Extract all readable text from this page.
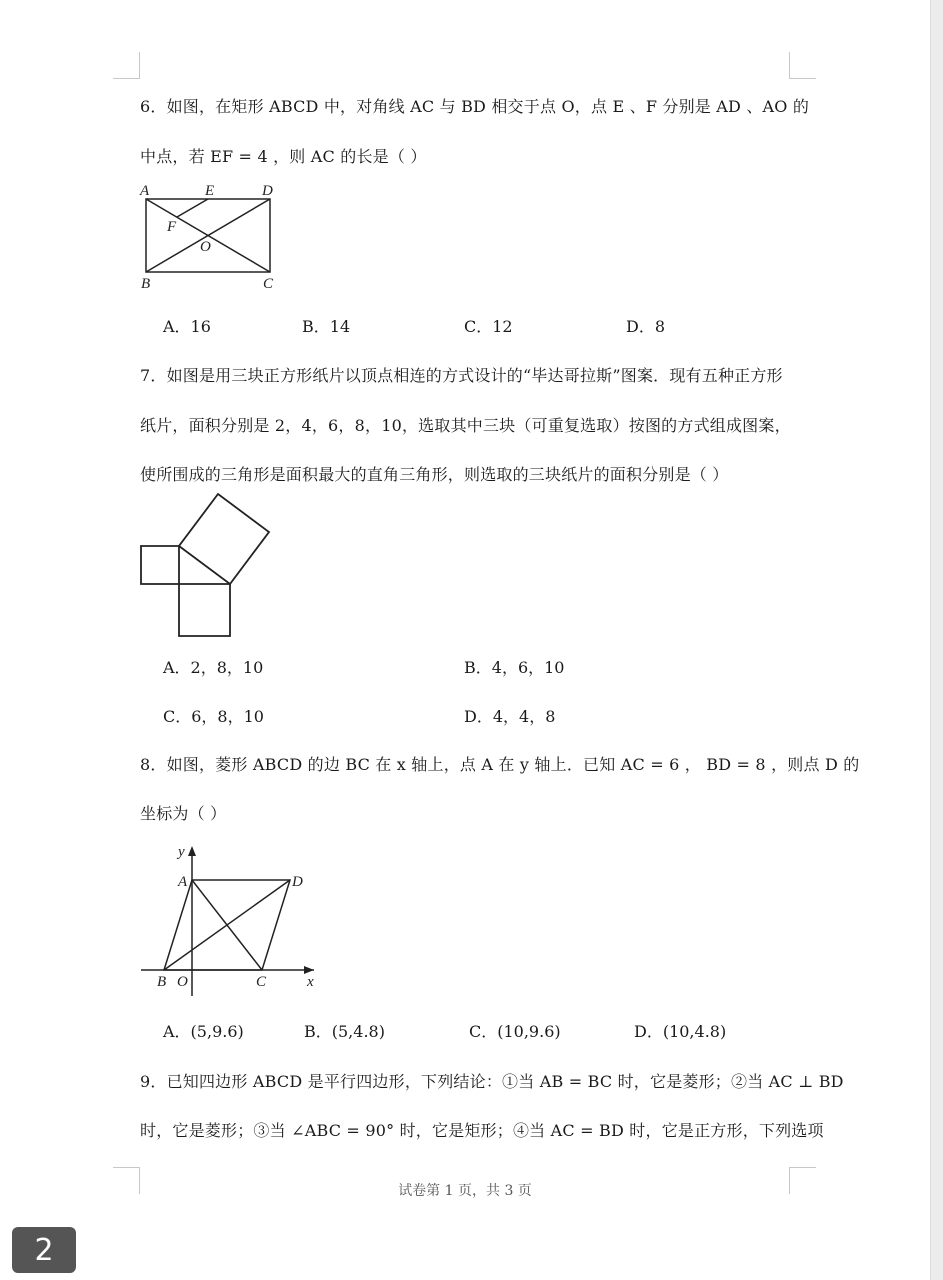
6．如图，在矩形 ABCD 中，对角线 AC 与 BD 相交于点 O，点 E 、F 分别是 AD 、AO 的
中点，若 EF = 4 ，则 AC 的长是（ ）
A	E	D
F
O
B	C
A．16	B．14	C．12	D．8
7．如图是用三块正方形纸片以顶点相连的方式设计的“毕达哥拉斯”图案．现有五种正方形
纸片，面积分别是 2，4，6，8，10，选取其中三块（可重复选取）按图的方式组成图案，
使所围成的三角形是面积最大的直角三角形，则选取的三块纸片的面积分别是（ ）
A．2，8，10	B．4，6，10
C．6，8，10	D．4，4，8
8．如图，菱形 ABCD 的边 BC 在 x 轴上，点 A 在 y 轴上．已知 AC = 6 ， BD = 8 ，则点 D 的
坐标为（ ）
y
A	D
B O	C	x
A．(5,9.6)	B．(5,4.8)	C．(10,9.6)	D．(10,4.8)
9．已知四边形 ABCD 是平行四边形，下列结论：①当 AB = BC 时，它是菱形；②当 AC ⊥ BD
时，它是菱形；③当 ∠ABC = 90° 时，它是矩形；④当 AC = BD 时，它是正方形，下列选项
试卷第 1 页，共 3 页
2
